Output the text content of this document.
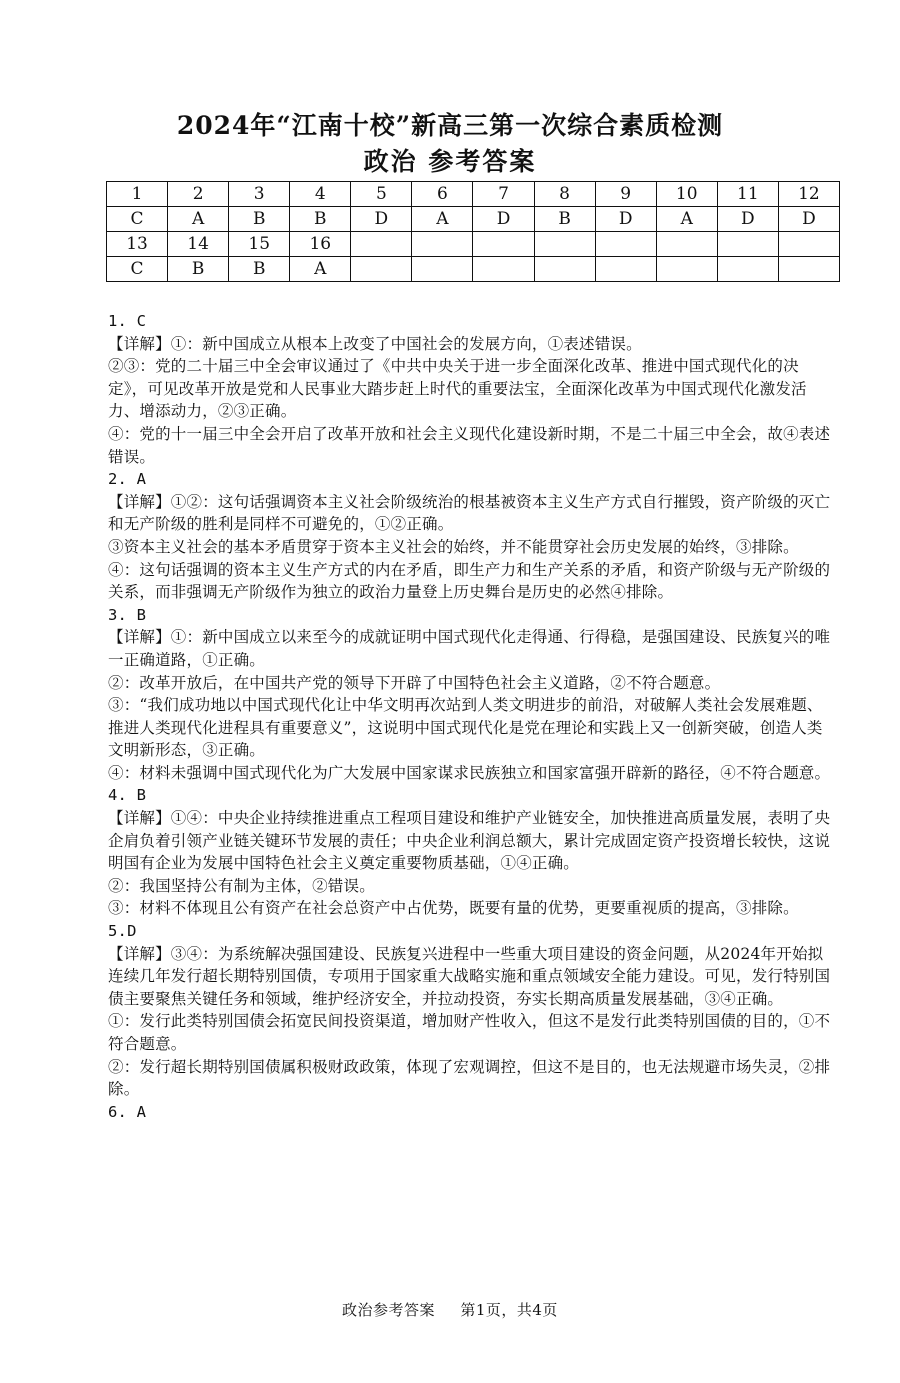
2024年“江南十校”新高三第一次综合素质检测
政治 参考答案
1	2	3	4	5	6	7	8	9	10	11	12
C	A	B	B	D	A	D	B	D	A	D	D
13	14	15	16								
C	B	B	A								

1. C

【详解】①：新中国成立从根本上改变了中国社会的发展方向，①表述错误。

②③：党的二十届三中全会审议通过了《中共中央关于进一步全面深化改革、推进中国式现代化的决定》，可见改革开放是党和人民事业大踏步赶上时代的重要法宝，全面深化改革为中国式现代化激发活力、增添动力，②③正确。

④：党的十一届三中全会开启了改革开放和社会主义现代化建设新时期，不是二十届三中全会，故④表述错误。

2. A

【详解】①②：这句话强调资本主义社会阶级统治的根基被资本主义生产方式自行摧毁，资产阶级的灭亡和无产阶级的胜利是同样不可避免的，①②正确。

③资本主义社会的基本矛盾贯穿于资本主义社会的始终，并不能贯穿社会历史发展的始终，③排除。

④：这句话强调的资本主义生产方式的内在矛盾，即生产力和生产关系的矛盾，和资产阶级与无产阶级的关系，而非强调无产阶级作为独立的政治力量登上历史舞台是历史的必然④排除。

3. B

【详解】①：新中国成立以来至今的成就证明中国式现代化走得通、行得稳，是强国建设、民族复兴的唯一正确道路，①正确。

②：改革开放后，在中国共产党的领导下开辟了中国特色社会主义道路，②不符合题意。

③：“我们成功地以中国式现代化让中华文明再次站到人类文明进步的前沿，对破解人类社会发展难题、推进人类现代化进程具有重要意义”，这说明中国式现代化是党在理论和实践上又一创新突破，创造人类文明新形态，③正确。

④：材料未强调中国式现代化为广大发展中国家谋求民族独立和国家富强开辟新的路径，④不符合题意。

4. B

【详解】①④：中央企业持续推进重点工程项目建设和维护产业链安全，加快推进高质量发展，表明了央企肩负着引领产业链关键环节发展的责任；中央企业利润总额大，累计完成固定资产投资增长较快，这说明国有企业为发展中国特色社会主义奠定重要物质基础，①④正确。

②：我国坚持公有制为主体，②错误。

③：材料不体现且公有资产在社会总资产中占优势，既要有量的优势，更要重视质的提高，③排除。

5.D

【详解】③④：为系统解决强国建设、民族复兴进程中一些重大项目建设的资金问题，从2024年开始拟连续几年发行超长期特别国债，专项用于国家重大战略实施和重点领域安全能力建设。可见，发行特别国债主要聚焦关键任务和领域，维护经济安全，并拉动投资，夯实长期高质量发展基础，③④正确。

①：发行此类特别国债会拓宽民间投资渠道，增加财产性收入，但这不是发行此类特别国债的目的，①不符合题意。

②：发行超长期特别国债属积极财政政策，体现了宏观调控，但这不是目的，也无法规避市场失灵，②排除。

6. A

政治参考答案 第1页，共4页
